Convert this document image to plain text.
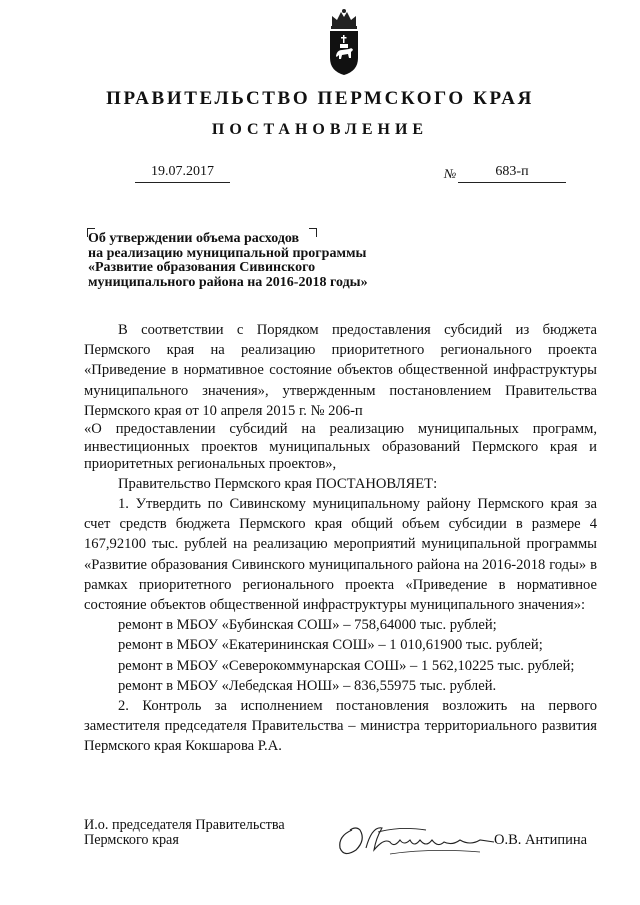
ПРАВИТЕЛЬСТВО ПЕРМСКОГО КРАЯ
ПОСТАНОВЛЕНИЕ
19.07.2017	№	683-п
Об утверждении объема расходов
на реализацию муниципальной программы
«Развитие образования Сивинского
муниципального района на 2016-2018 годы»
В соответствии с Порядком предоставления субсидий из бюджета Пермского края на реализацию приоритетного регионального проекта «Приведение в нормативное состояние объектов общественной инфраструктуры муниципального значения», утвержденным постановлением Правительства Пермского края от 10 апреля 2015 г. № 206-п
«О предоставлении субсидий на реализацию муниципальных программ, инвестиционных проектов муниципальных образований Пермского края и приоритетных региональных проектов»,
Правительство Пермского края ПОСТАНОВЛЯЕТ:
1. Утвердить по Сивинскому муниципальному району Пермского края за счет средств бюджета Пермского края общий объем субсидии в размере 4 167,92100 тыс. рублей на реализацию мероприятий муниципальной программы «Развитие образования Сивинского муниципального района на 2016-2018 годы» в рамках приоритетного регионального проекта «Приведение в нормативное состояние объектов общественной инфраструктуры муниципального значения»:
ремонт в МБОУ «Бубинская СОШ» – 758,64000 тыс. рублей;
ремонт в МБОУ «Екатерининская СОШ» – 1 010,61900 тыс. рублей;
ремонт в МБОУ «Северокоммунарская СОШ» – 1 562,10225 тыс. рублей;
ремонт в МБОУ «Лебедская НОШ» – 836,55975 тыс. рублей.
2. Контроль за исполнением постановления возложить на первого заместителя председателя Правительства – министра территориального развития Пермского края Кокшарова Р.А.
И.о. председателя Правительства
Пермского края	О.В. Антипина
